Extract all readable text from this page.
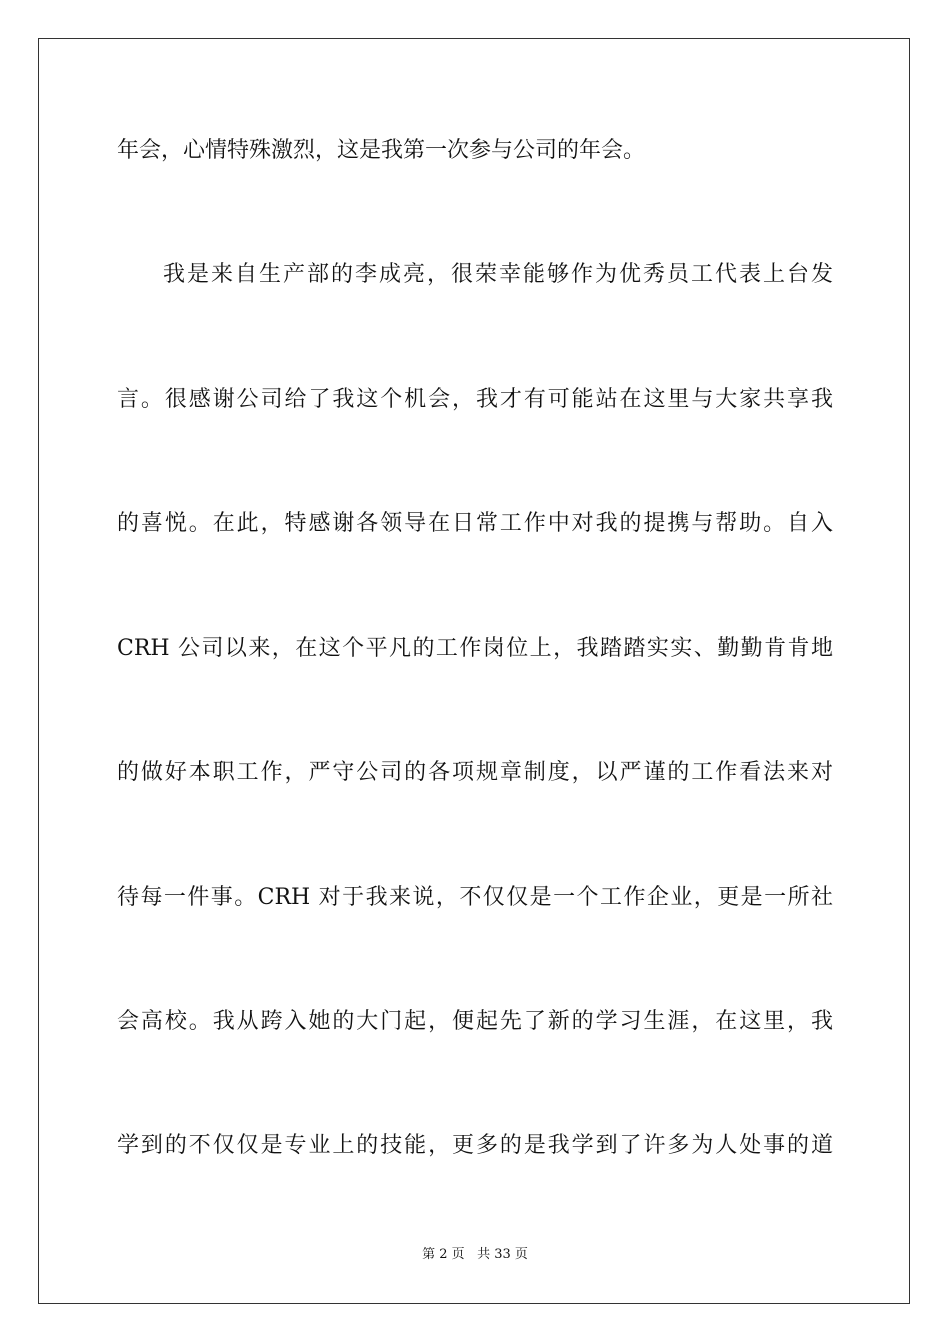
年会，心情特殊激烈，这是我第一次参与公司的年会。
我是来自生产部的李成亮，很荣幸能够作为优秀员工代表上台发
言。很感谢公司给了我这个机会，我才有可能站在这里与大家共享我
的喜悦。在此，特感谢各领导在日常工作中对我的提携与帮助。自入
CRH 公司以来，在这个平凡的工作岗位上，我踏踏实实、勤勤肯肯地
的做好本职工作，严守公司的各项规章制度，以严谨的工作看法来对
待每一件事。CRH 对于我来说，不仅仅是一个工作企业，更是一所社
会高校。我从跨入她的大门起，便起先了新的学习生涯，在这里，我
学到的不仅仅是专业上的技能，更多的是我学到了许多为人处事的道
第 2 页 共 33 页
